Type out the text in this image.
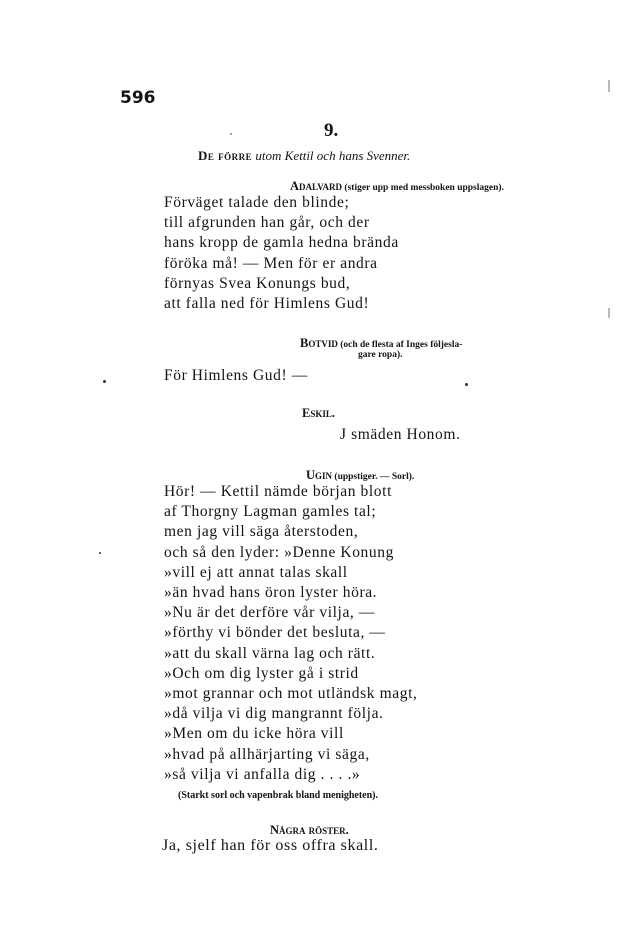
596
9.
De förre utom Kettil och hans Svenner.
Adalvard (stiger upp med messboken uppslagen).
Förväget talade den blinde;
till afgrunden han går, och der
hans kropp de gamla hedna brända
föröka må! — Men för er andra
förnyas Svea Konungs bud,
att falla ned för Himlens Gud!
Botvid (och de flesta af Inges följesla-
gare ropa).
För Himlens Gud! —
Eskil.
J smäden Honom.
Ugin (uppstiger. — Sorl).
Hör! — Kettil nämde början blott
af Thorgny Lagman gamles tal;
men jag vill säga återstoden,
och så den lyder: »Denne Konung
»vill ej att annat talas skall
»än hvad hans öron lyster höra.
»Nu är det derföre vår vilja, —
»förthy vi bönder det besluta, —
»att du skall värna lag och rätt.
»Och om dig lyster gå i strid
»mot grannar och mot utländsk magt,
»då vilja vi dig mangrannt följa.
»Men om du icke höra vill
»hvad på allhärjarting vi säga,
»så vilja vi anfalla dig . . . .»
(Starkt sorl och vapenbrak bland menigheten).
Några röster.
Ja, sjelf han för oss offra skall.
